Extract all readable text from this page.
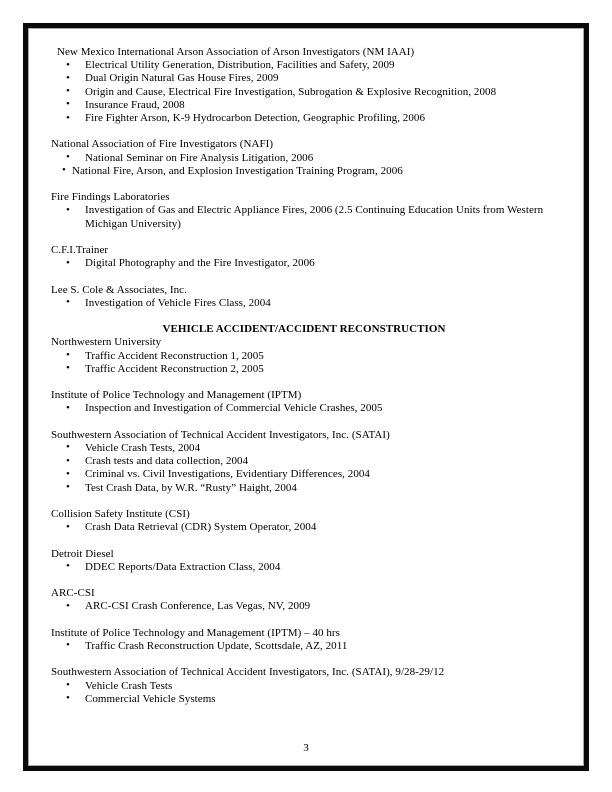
New Mexico International Arson Association of Arson Investigators (NM IAAI)
• Electrical Utility Generation, Distribution, Facilities and Safety, 2009
• Dual Origin Natural Gas House Fires, 2009
• Origin and Cause, Electrical Fire Investigation, Subrogation & Explosive Recognition, 2008
• Insurance Fraud, 2008
• Fire Fighter Arson, K-9 Hydrocarbon Detection, Geographic Profiling, 2006
National Association of Fire Investigators (NAFI)
• National Seminar on Fire Analysis Litigation, 2006
• National Fire, Arson, and Explosion Investigation Training Program, 2006
Fire Findings Laboratories
• Investigation of Gas and Electric Appliance Fires, 2006 (2.5 Continuing Education Units from Western Michigan University)
C.F.I.Trainer
• Digital Photography and the Fire Investigator, 2006
Lee S. Cole & Associates, Inc.
• Investigation of Vehicle Fires Class, 2004
VEHICLE ACCIDENT/ACCIDENT RECONSTRUCTION
Northwestern University
• Traffic Accident Reconstruction 1, 2005
• Traffic Accident Reconstruction 2, 2005
Institute of Police Technology and Management (IPTM)
• Inspection and Investigation of Commercial Vehicle Crashes, 2005
Southwestern Association of Technical Accident Investigators, Inc. (SATAI)
• Vehicle Crash Tests, 2004
• Crash tests and data collection, 2004
• Criminal vs. Civil Investigations, Evidentiary Differences, 2004
• Test Crash Data, by W.R. “Rusty” Haight, 2004
Collision Safety Institute (CSI)
• Crash Data Retrieval (CDR) System Operator, 2004
Detroit Diesel
• DDEC Reports/Data Extraction Class, 2004
ARC-CSI
• ARC-CSI Crash Conference, Las Vegas, NV, 2009
Institute of Police Technology and Management (IPTM) – 40 hrs
• Traffic Crash Reconstruction Update, Scottsdale, AZ, 2011
Southwestern Association of Technical Accident Investigators, Inc. (SATAI), 9/28-29/12
• Vehicle Crash Tests
• Commercial Vehicle Systems
3
